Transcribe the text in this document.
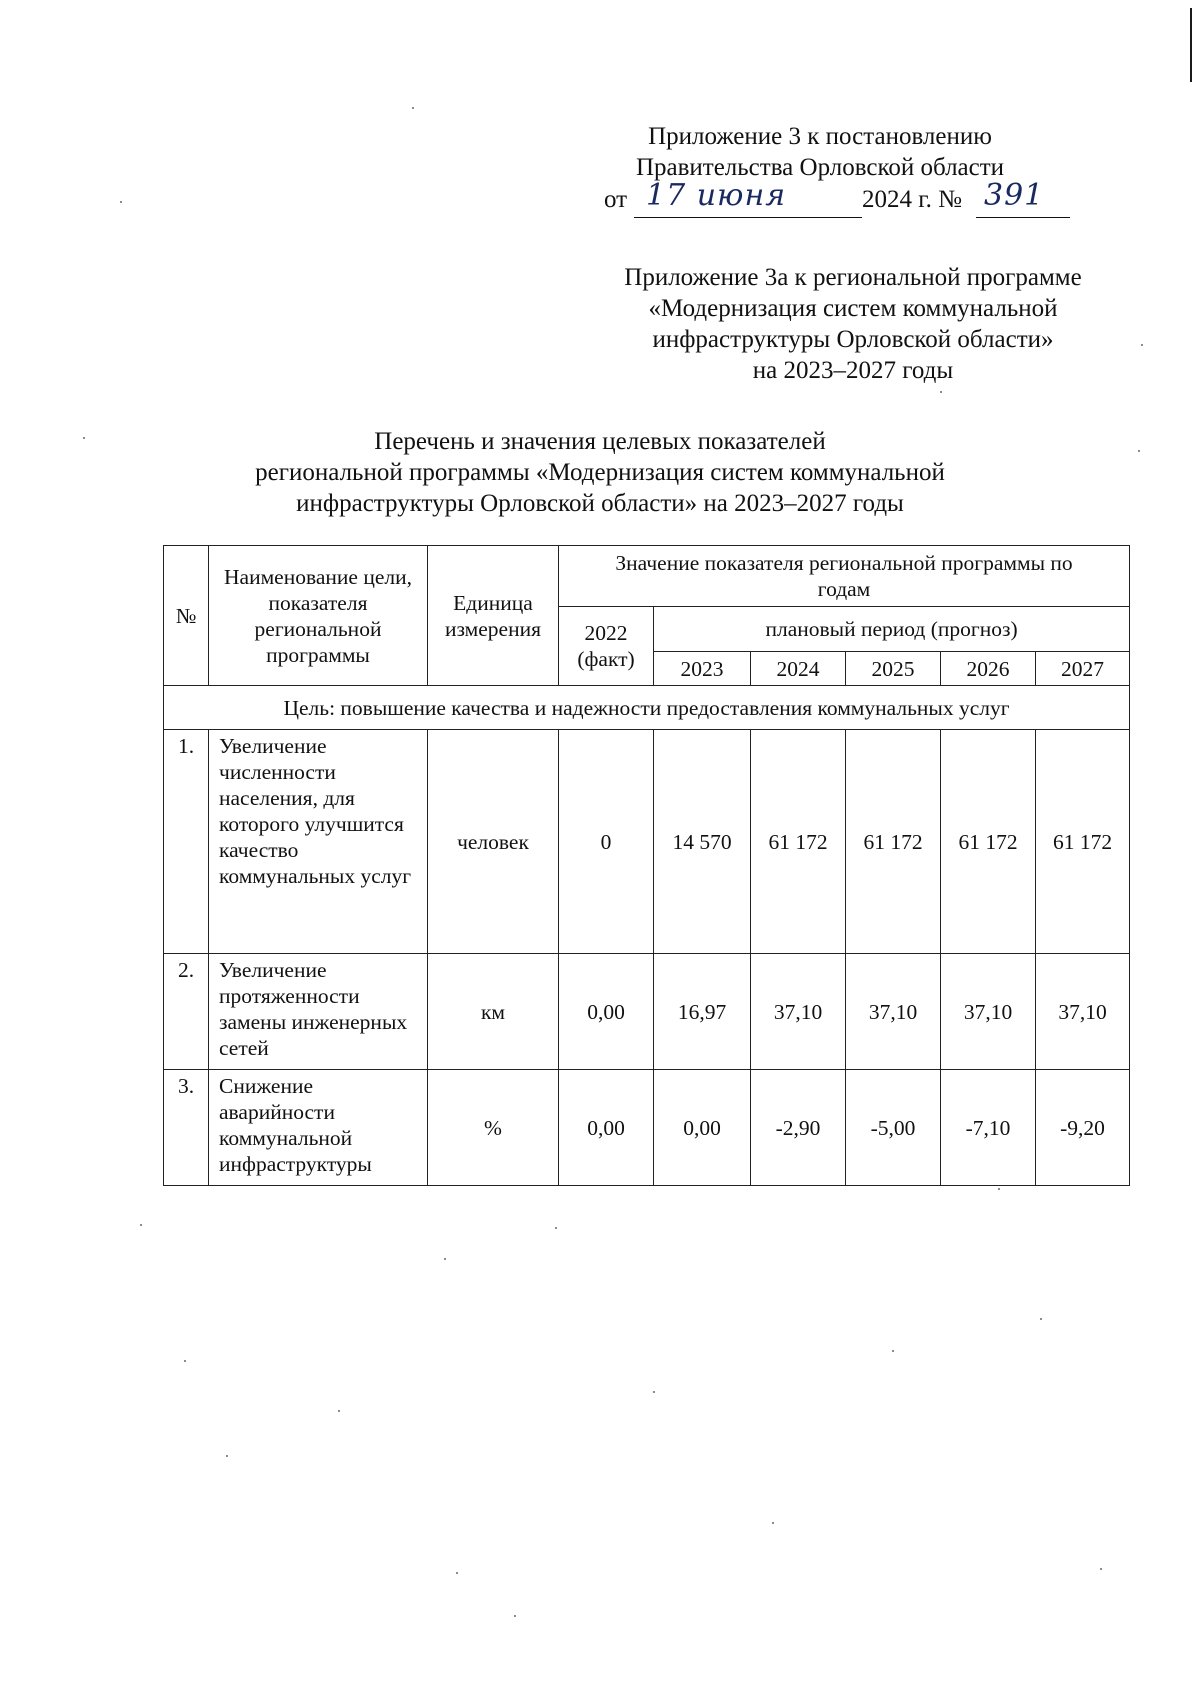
Приложение 3 к постановлению
Правительства Орловской области
от 17 июня	2024 г. № 391
Приложение 3а к региональной программе
«Модернизация систем коммунальной
инфраструктуры Орловской области»
на 2023–2027 годы
Перечень и значения целевых показателей
региональной программы «Модернизация систем коммунальной
инфраструктуры Орловской области» на 2023–2027 годы
№	Наименование цели, показателя региональной программы	Единица измерения	Значение показателя региональной программы по годам					
			2022 (факт)	плановый период (прогноз)				
				2023	2024	2025	2026	2027
Цель: повышение качества и надежности предоставления коммунальных услуг								
1.	Увеличение численности населения, для которого улучшится качество коммунальных услуг	человек	0	14 570	61 172	61 172	61 172	61 172
2.	Увеличение протяженности замены инженерных сетей	км	0,00	16,97	37,10	37,10	37,10	37,10
3.	Снижение аварийности коммунальной инфраструктуры	%	0,00	0,00	-2,90	-5,00	-7,10	-9,20
